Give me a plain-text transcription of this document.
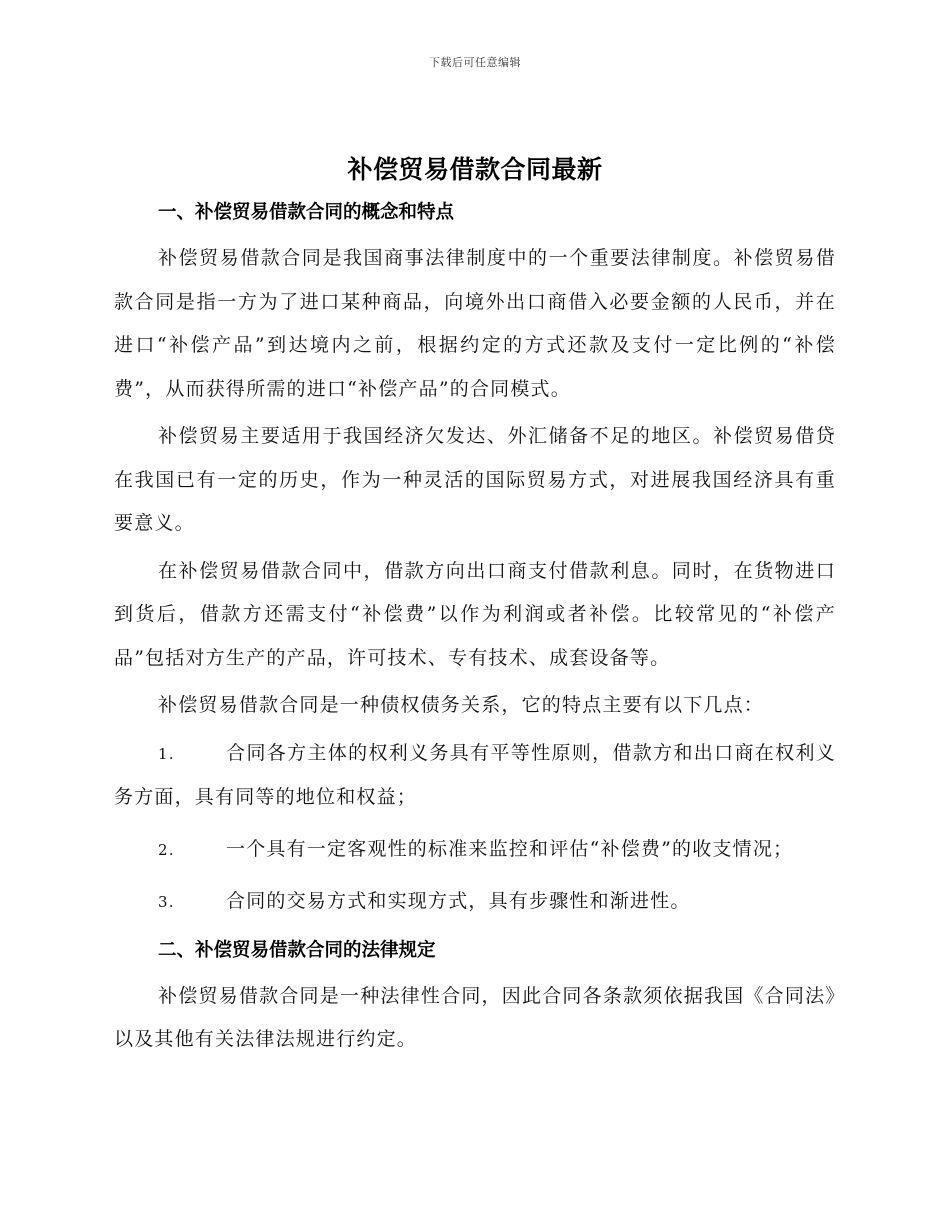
下载后可任意编辑
补偿贸易借款合同最新
一、补偿贸易借款合同的概念和特点

补偿贸易借款合同是我国商事法律制度中的一个重要法律制度。补偿贸易借款合同是指一方为了进口某种商品，向境外出口商借入必要金额的人民币，并在进口“补偿产品”到达境内之前，根据约定的方式还款及支付一定比例的“补偿费”，从而获得所需的进口“补偿产品”的合同模式。

补偿贸易主要适用于我国经济欠发达、外汇储备不足的地区。补偿贸易借贷在我国已有一定的历史，作为一种灵活的国际贸易方式，对进展我国经济具有重要意义。

在补偿贸易借款合同中，借款方向出口商支付借款利息。同时，在货物进口到货后，借款方还需支付“补偿费”以作为利润或者补偿。比较常见的“补偿产品”包括对方生产的产品，许可技术、专有技术、成套设备等。

补偿贸易借款合同是一种债权债务关系，它的特点主要有以下几点：

1.	合同各方主体的权利义务具有平等性原则，借款方和出口商在权利义务方面，具有同等的地位和权益；

2.	一个具有一定客观性的标准来监控和评估“补偿费”的收支情况；

3.	合同的交易方式和实现方式，具有步骤性和渐进性。

二、补偿贸易借款合同的法律规定

补偿贸易借款合同是一种法律性合同，因此合同各条款须依据我国《合同法》以及其他有关法律法规进行约定。
